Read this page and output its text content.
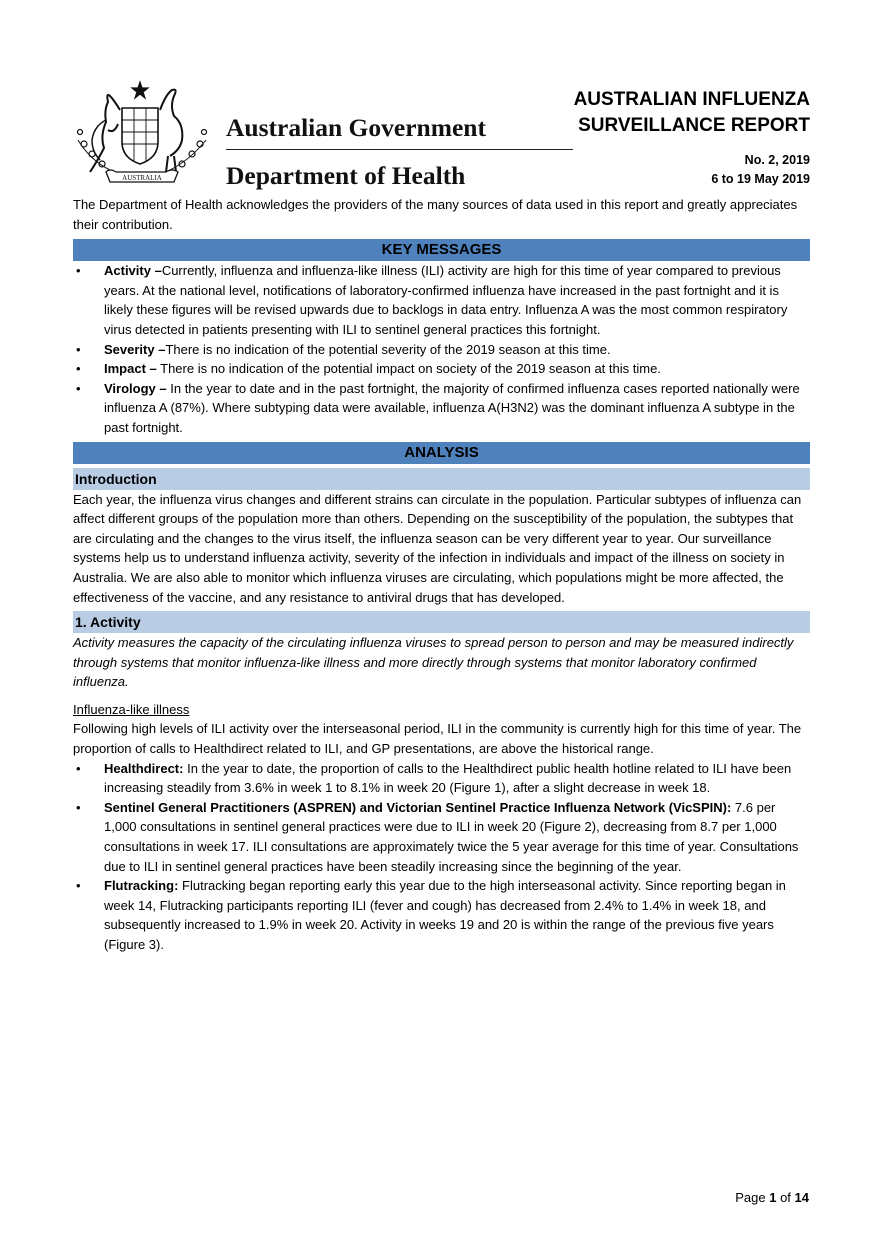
AUSTRALIA
Australian Government
Department of Health
AUSTRALIAN INFLUENZA
SURVEILLANCE REPORT
No. 2, 2019
6 to 19 May 2019

The Department of Health acknowledges the providers of the many sources of data used in this report and greatly appreciates their contribution.

KEY MESSAGES
• Activity –Currently, influenza and influenza-like illness (ILI) activity are high for this time of year compared to previous years. At the national level, notifications of laboratory-confirmed influenza have increased in the past fortnight and it is likely these figures will be revised upwards due to backlogs in data entry. Influenza A was the most common respiratory virus detected in patients presenting with ILI to sentinel general practices this fortnight.
• Severity –There is no indication of the potential severity of the 2019 season at this time.
• Impact – There is no indication of the potential impact on society of the 2019 season at this time.
• Virology – In the year to date and in the past fortnight, the majority of confirmed influenza cases reported nationally were influenza A (87%). Where subtyping data were available, influenza A(H3N2) was the dominant influenza A subtype in the past fortnight.
ANALYSIS
Introduction

Each year, the influenza virus changes and different strains can circulate in the population. Particular subtypes of influenza can affect different groups of the population more than others. Depending on the susceptibility of the population, the subtypes that are circulating and the changes to the virus itself, the influenza season can be very different year to year. Our surveillance systems help us to understand influenza activity, severity of the infection in individuals and impact of the illness on society in Australia. We are also able to monitor which influenza viruses are circulating, which populations might be more affected, the effectiveness of the vaccine, and any resistance to antiviral drugs that has developed.

1. Activity

Activity measures the capacity of the circulating influenza viruses to spread person to person and may be measured indirectly through systems that monitor influenza-like illness and more directly through systems that monitor laboratory confirmed influenza.

Influenza-like illness

Following high levels of ILI activity over the interseasonal period, ILI in the community is currently high for this time of year. The proportion of calls to Healthdirect related to ILI, and GP presentations, are above the historical range.

• Healthdirect: In the year to date, the proportion of calls to the Healthdirect public health hotline related to ILI have been increasing steadily from 3.6% in week 1 to 8.1% in week 20 (Figure 1), after a slight decrease in week 18.
• Sentinel General Practitioners (ASPREN) and Victorian Sentinel Practice Influenza Network (VicSPIN): 7.6 per 1,000 consultations in sentinel general practices were due to ILI in week 20 (Figure 2), decreasing from 8.7 per 1,000 consultations in week 17. ILI consultations are approximately twice the 5 year average for this time of year. Consultations due to ILI in sentinel general practices have been steadily increasing since the beginning of the year.
• Flutracking: Flutracking began reporting early this year due to the high interseasonal activity. Since reporting began in week 14, Flutracking participants reporting ILI (fever and cough) has decreased from 2.4% to 1.4% in week 18, and subsequently increased to 1.9% in week 20. Activity in weeks 19 and 20 is within the range of the previous five years (Figure 3).
Page 1 of 14
